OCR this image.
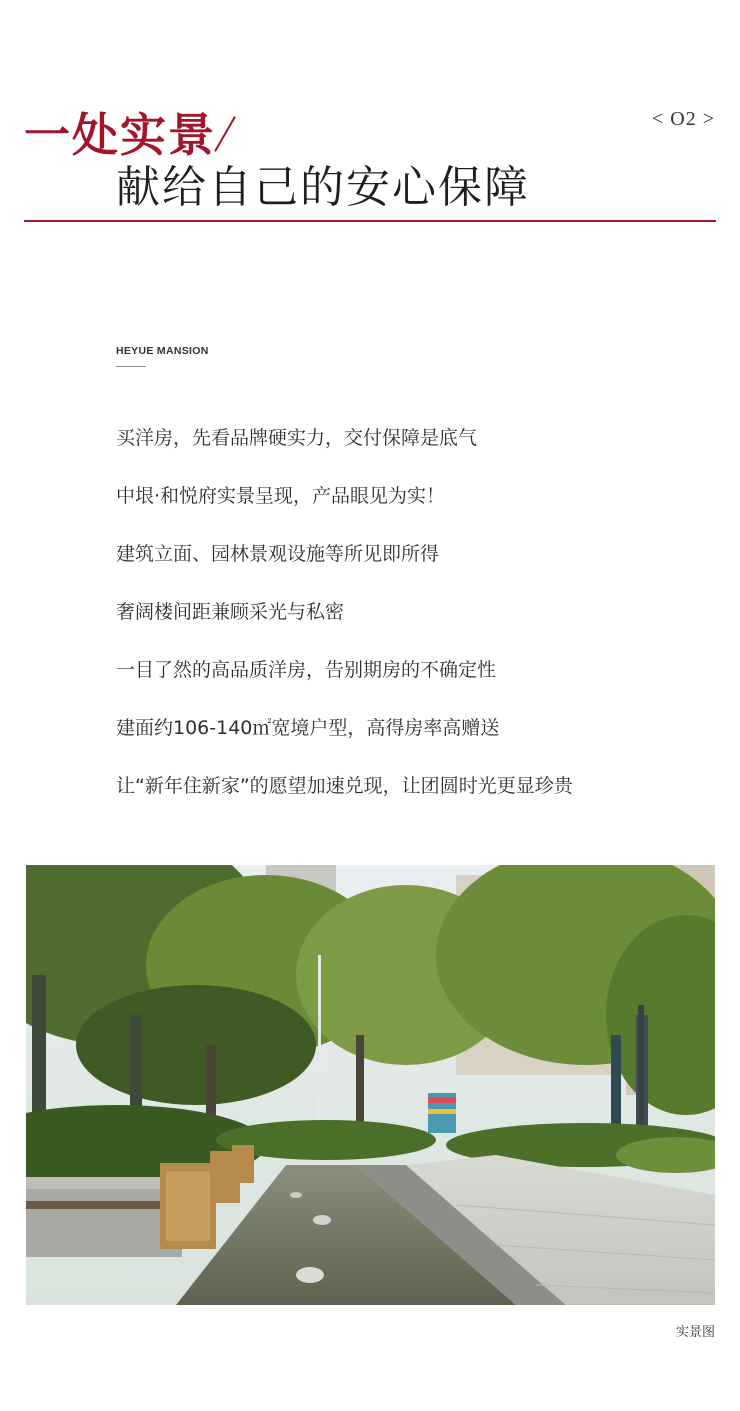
< O2 >
一处实景
献给自己的安心保障
HEYUE MANSION
买洋房，先看品牌硬实力，交付保障是底气
中垠·和悦府实景呈现，产品眼见为实！
建筑立面、园林景观设施等所见即所得
奢阔楼间距兼顾采光与私密
一目了然的高品质洋房，告别期房的不确定性
建面约106-140㎡宽境户型，高得房率高赠送
让“新年住新家”的愿望加速兑现，让团圆时光更显珍贵
实景图
